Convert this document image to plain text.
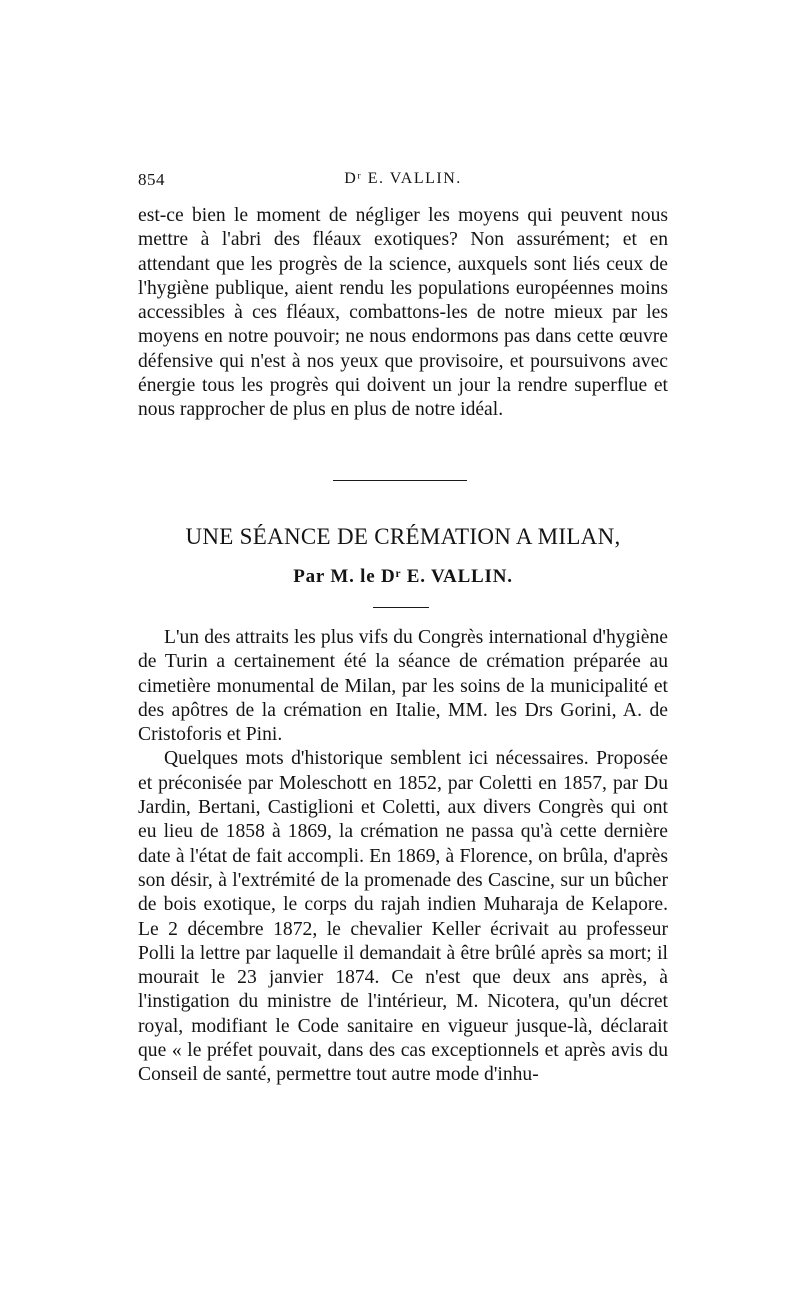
854	Dʳ E. VALLIN.

est-ce bien le moment de négliger les moyens qui peuvent nous mettre à l'abri des fléaux exotiques? Non assurément; et en attendant que les progrès de la science, auxquels sont liés ceux de l'hygiène publique, aient rendu les populations européennes moins accessibles à ces fléaux, combattons-les de notre mieux par les moyens en notre pouvoir; ne nous endormons pas dans cette œuvre défensive qui n'est à nos yeux que provisoire, et poursuivons avec énergie tous les progrès qui doivent un jour la rendre superflue et nous rapprocher de plus en plus de notre idéal.

UNE SÉANCE DE CRÉMATION A MILAN,
Par M. le Dʳ E. VALLIN.

L'un des attraits les plus vifs du Congrès international d'hygiène de Turin a certainement été la séance de crémation préparée au cimetière monumental de Milan, par les soins de la municipalité et des apôtres de la crémation en Italie, MM. les Drs Gorini, A. de Cristoforis et Pini.

Quelques mots d'historique semblent ici nécessaires. Proposée et préconisée par Moleschott en 1852, par Coletti en 1857, par Du Jardin, Bertani, Castiglioni et Coletti, aux divers Congrès qui ont eu lieu de 1858 à 1869, la crémation ne passa qu'à cette dernière date à l'état de fait accompli. En 1869, à Florence, on brûla, d'après son désir, à l'extrémité de la promenade des Cascine, sur un bûcher de bois exotique, le corps du rajah indien Muharaja de Kelapore. Le 2 décembre 1872, le chevalier Keller écrivait au professeur Polli la lettre par laquelle il demandait à être brûlé après sa mort; il mourait le 23 janvier 1874. Ce n'est que deux ans après, à l'instigation du ministre de l'intérieur, M. Nicotera, qu'un décret royal, modifiant le Code sanitaire en vigueur jusque-là, déclarait que « le préfet pouvait, dans des cas exceptionnels et après avis du Conseil de santé, permettre tout autre mode d'inhu-
